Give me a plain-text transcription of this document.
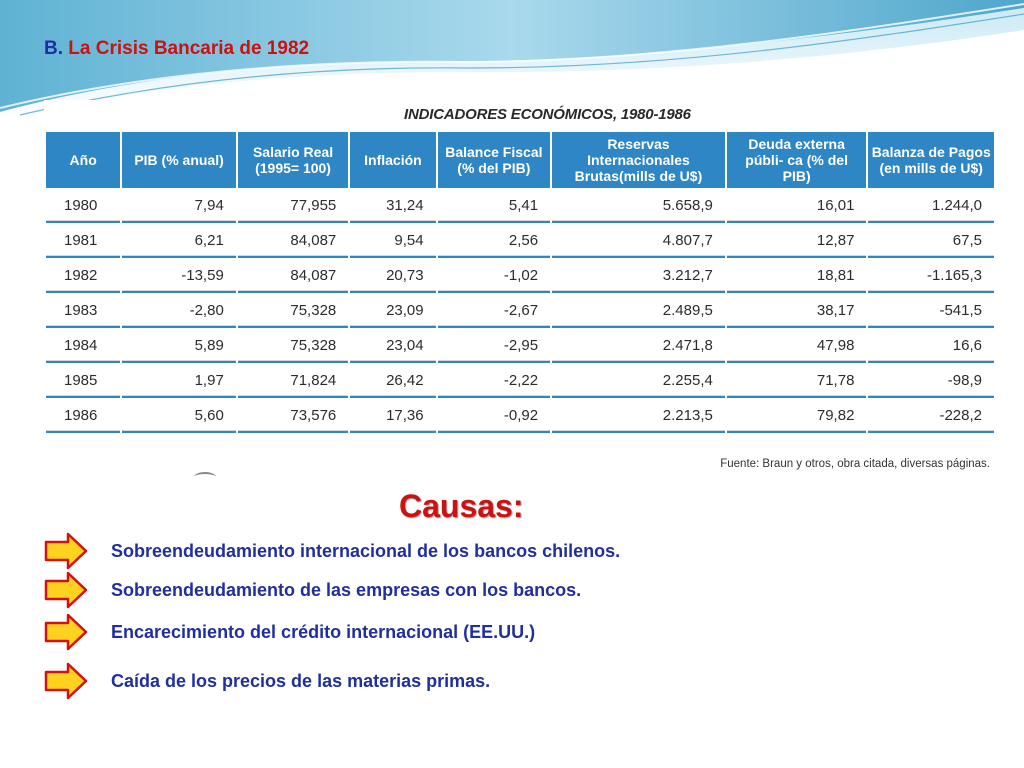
B. La Crisis Bancaria de 1982
INDICADORES ECONÓMICOS, 1980-1986
Año	PIB (% anual)	Salario Real (1995= 100)	Inflación	Balance Fiscal (% del PIB)	Reservas Internacionales Brutas(mills de U$)	Deuda externa públi- ca (% del PIB)	Balanza de Pagos (en mills de U$)
1980	7,94	77,955	31,24	5,41	5.658,9	16,01	1.244,0
1981	6,21	84,087	9,54	2,56	4.807,7	12,87	67,5
1982	-13,59	84,087	20,73	-1,02	3.212,7	18,81	-1.165,3
1983	-2,80	75,328	23,09	-2,67	2.489,5	38,17	-541,5
1984	5,89	75,328	23,04	-2,95	2.471,8	47,98	16,6
1985	1,97	71,824	26,42	-2,22	2.255,4	71,78	-98,9
1986	5,60	73,576	17,36	-0,92	2.213,5	79,82	-228,2
Fuente: Braun y otros, obra citada, diversas páginas.
Causas:
Sobreendeudamiento internacional de los bancos chilenos.
Sobreendeudamiento de las empresas con los bancos.
Encarecimiento del crédito internacional (EE.UU.)
Caída de los precios de las materias primas.
